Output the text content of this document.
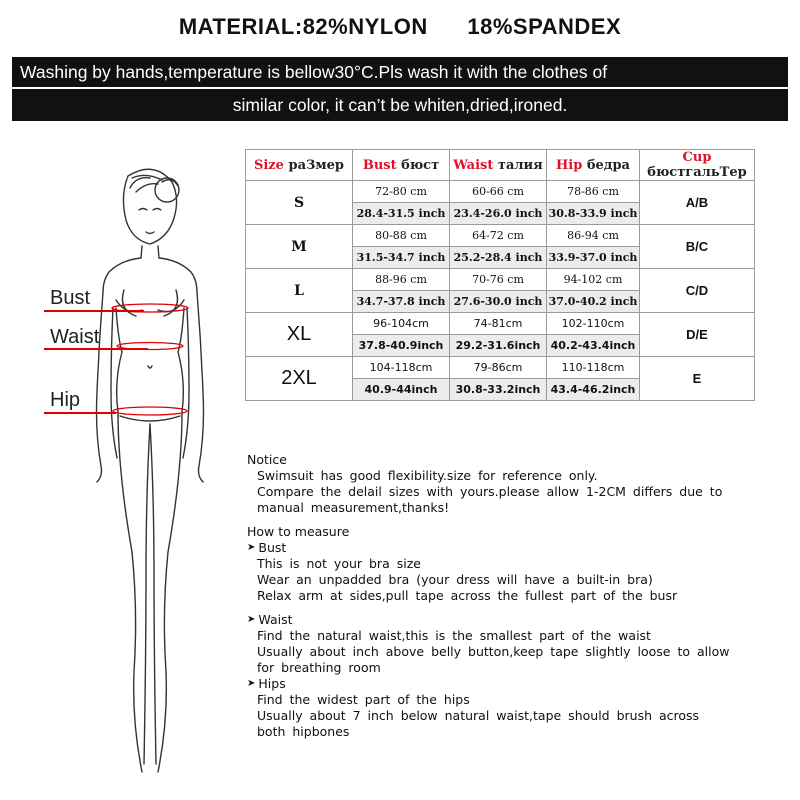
MATERIAL:82%NYLON      18%SPANDEX
Washing by hands,temperature is bellow30°C.Pls wash it with the clothes of
similar color, it can’t be whiten,dried,ironed.
Bust
Waist
Hip
Size paЗмеp	Bust бюст	Waist талия	Hip бедра	Cup бюстгальТер
S	72-80 cm	60-66 cm	78-86 cm	A/B
	28.4-31.5 inch	23.4-26.0 inch	30.8-33.9 inch	
M	80-88 cm	64-72 cm	86-94 cm	B/C
	31.5-34.7 inch	25.2-28.4 inch	33.9-37.0 inch	
L	88-96 cm	70-76 cm	94-102 cm	C/D
	34.7-37.8 inch	27.6-30.0 inch	37.0-40.2 inch	
XL	96-104cm	74-81cm	102-110cm	D/E
	37.8-40.9inch	29.2-31.6inch	40.2-43.4inch	
2XL	104-118cm	79-86cm	110-118cm	E
	40.9-44inch	30.8-33.2inch	43.4-46.2inch	
Notice
Swimsuit has good flexibility.size for reference only.
Compare the delail sizes with yours.please allow 1-2CM differs due to
manual measurement,thanks!
How to measure
➤ Bust
This is not your bra size
Wear an unpadded bra (your dress will have a built-in bra)
Relax arm at sides,pull tape across the fullest part of the busr
➤ Waist
Find the natural waist,this is the smallest part of the waist
Usually about inch above belly button,keep tape slightly loose to allow
for breathing room
➤ Hips
Find the widest part of the hips
Usually about 7 inch below natural waist,tape should brush across
both hipbones
